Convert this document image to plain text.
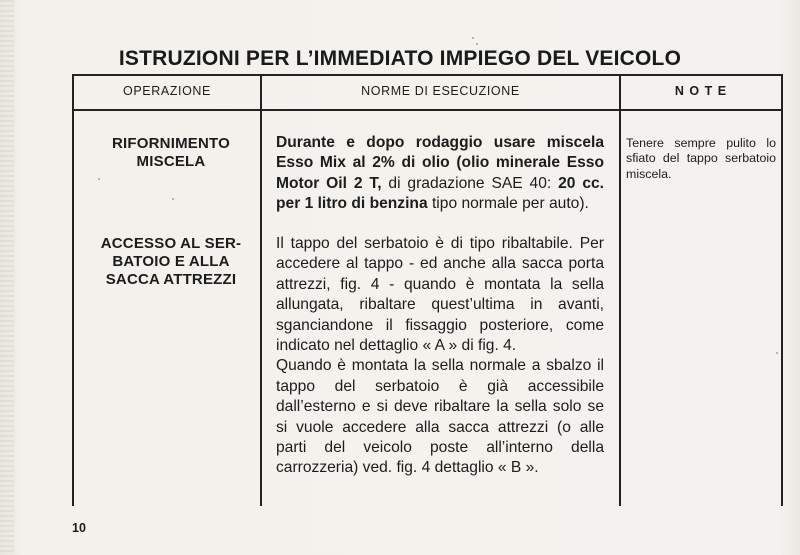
ISTRUZIONI PER L’IMMEDIATO IMPIEGO DEL VEICOLO
OPERAZIONE	NORME DI ESECUZIONE	N O T E
RIFORNIMENTO
MISCELA
Durante e dopo rodaggio usare miscela Esso Mix al 2% di olio (olio minerale Esso Motor Oil 2 T, di gradazione SAE 40: 20 cc. per 1 litro di benzina tipo normale per auto).
Tenere sempre pulito lo sfiato del tappo serbatoio miscela.
ACCESSO AL SER-
BATOIO E ALLA
SACCA ATTREZZI

Il tappo del serbatoio è di tipo ribaltabile. Per accedere al tappo - ed anche alla sacca porta attrezzi, fig. 4 - quando è montata la sella allungata, ribaltare quest’ultima in avanti, sganciandone il fissaggio posteriore, come indicato nel dettaglio « A » di fig. 4.

Quando è montata la sella normale a sbalzo il tappo del serbatoio è già accessibile dall’esterno e si deve ribaltare la sella solo se si vuole accedere alla sacca attrezzi (o alle parti del veicolo poste all’interno della carrozzeria) ved. fig. 4 dettaglio « B ».

10
